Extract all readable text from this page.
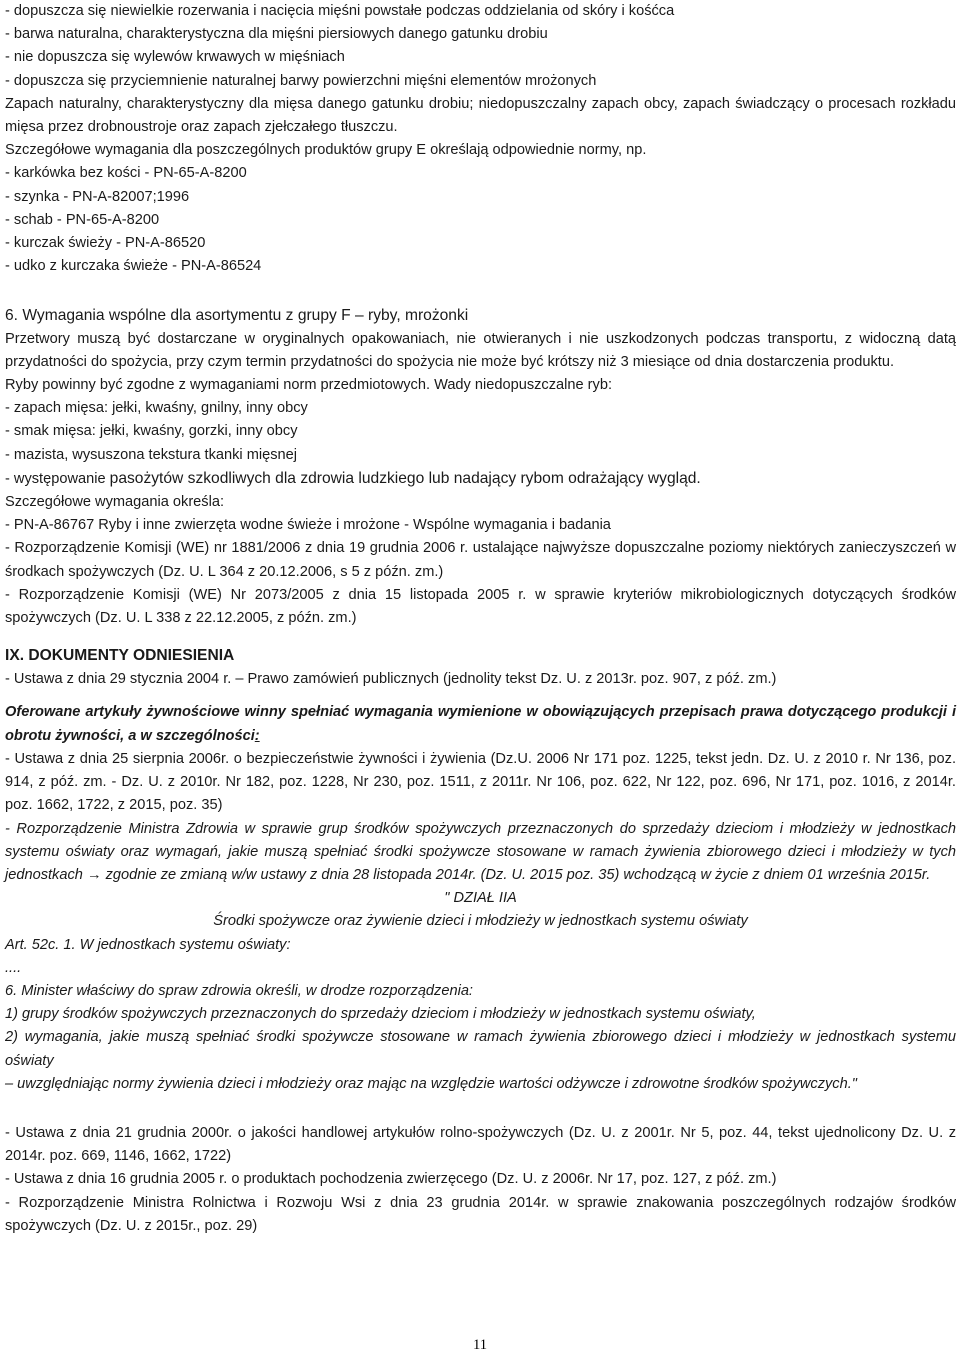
- dopuszcza się niewielkie rozerwania i nacięcia mięśni powstałe podczas oddzielania od skóry i kośćca

- barwa naturalna, charakterystyczna dla mięśni piersiowych danego gatunku drobiu

- nie dopuszcza się wylewów krwawych w mięśniach

- dopuszcza się przyciemnienie naturalnej barwy powierzchni mięśni elementów mrożonych

Zapach naturalny, charakterystyczny dla mięsa danego gatunku drobiu; niedopuszczalny zapach obcy, zapach świadczący o procesach rozkładu mięsa przez drobnoustroje oraz zapach zjełczałego tłuszczu.

Szczegółowe wymagania dla poszczególnych produktów grupy E określają odpowiednie normy, np.

- karkówka bez kości - PN-65-A-8200

- szynka - PN-A-82007;1996

- schab - PN-65-A-8200

- kurczak świeży - PN-A-86520

- udko z kurczaka świeże - PN-A-86524

6. Wymagania wspólne dla asortymentu z grupy F – ryby, mrożonki

Przetwory muszą być dostarczane w oryginalnych opakowaniach, nie otwieranych i nie uszkodzonych podczas transportu, z widoczną datą przydatności do spożycia, przy czym termin przydatności do spożycia nie może być krótszy niż 3 miesiące od dnia dostarczenia produktu.

Ryby powinny być zgodne z wymaganiami norm przedmiotowych. Wady niedopuszczalne ryb:

- zapach mięsa: jełki, kwaśny, gnilny, inny obcy

- smak mięsa: jełki, kwaśny, gorzki, inny obcy

- mazista, wysuszona tekstura tkanki mięsnej

- występowanie pasożytów szkodliwych dla zdrowia ludzkiego lub nadający rybom odrażający wygląd.

Szczegółowe wymagania określa:

- PN-A-86767 Ryby i inne zwierzęta wodne świeże i mrożone - Wspólne wymagania i badania

- Rozporządzenie Komisji (WE) nr 1881/2006 z dnia 19 grudnia 2006 r. ustalające najwyższe dopuszczalne poziomy niektórych zanieczyszczeń w środkach spożywczych (Dz. U. L 364 z 20.12.2006, s 5 z późn. zm.)

- Rozporządzenie Komisji (WE) Nr 2073/2005 z dnia 15 listopada 2005 r. w sprawie kryteriów mikrobiologicznych dotyczących środków spożywczych (Dz. U. L 338 z 22.12.2005, z późn. zm.)

IX. DOKUMENTY ODNIESIENIA

- Ustawa z dnia 29 stycznia 2004 r. – Prawo zamówień publicznych (jednolity tekst Dz. U. z 2013r. poz. 907, z póź. zm.)

Oferowane artykuły żywnościowe winny spełniać wymagania wymienione w obowiązujących przepisach prawa dotyczącego produkcji i obrotu żywności, a w szczególności:

- Ustawa z dnia 25 sierpnia 2006r. o bezpieczeństwie żywności i żywienia (Dz.U. 2006 Nr 171 poz. 1225, tekst jedn. Dz. U. z 2010 r. Nr 136, poz. 914, z póź. zm. - Dz. U. z 2010r. Nr 182, poz. 1228, Nr 230, poz. 1511, z 2011r. Nr 106, poz. 622, Nr 122, poz. 696, Nr 171, poz. 1016, z 2014r. poz. 1662, 1722, z 2015, poz. 35)

- Rozporządzenie Ministra Zdrowia w sprawie grup środków spożywczych przeznaczonych do sprzedaży dzieciom i młodzieży w jednostkach systemu oświaty oraz wymagań, jakie muszą spełniać środki spożywcze stosowane w ramach żywienia zbiorowego dzieci i młodzieży w tych jednostkach → zgodnie ze zmianą w/w ustawy z dnia 28 listopada 2014r. (Dz. U. 2015 poz. 35) wchodzącą w życie z dniem 01 września 2015r.

" DZIAŁ IIA

Środki spożywcze oraz żywienie dzieci i młodzieży w jednostkach systemu oświaty

Art. 52c. 1. W jednostkach systemu oświaty:

....

6. Minister właściwy do spraw zdrowia określi, w drodze rozporządzenia:

1) grupy środków spożywczych przeznaczonych do sprzedaży dzieciom i młodzieży w jednostkach systemu oświaty,

2) wymagania, jakie muszą spełniać środki spożywcze stosowane w ramach żywienia zbiorowego dzieci i młodzieży w jednostkach systemu oświaty

– uwzględniając normy żywienia dzieci i młodzieży oraz mając na względzie wartości odżywcze i zdrowotne środków spożywczych."

- Ustawa z dnia 21 grudnia 2000r. o jakości handlowej artykułów rolno-spożywczych (Dz. U. z 2001r. Nr 5, poz. 44, tekst ujednolicony Dz. U. z 2014r. poz. 669, 1146, 1662, 1722)

- Ustawa z dnia 16 grudnia 2005 r. o produktach pochodzenia zwierzęcego (Dz. U. z 2006r. Nr 17, poz. 127, z póź. zm.)

- Rozporządzenie Ministra Rolnictwa i Rozwoju Wsi z dnia 23 grudnia 2014r. w sprawie znakowania poszczególnych rodzajów środków spożywczych (Dz. U. z 2015r., poz. 29)

11
